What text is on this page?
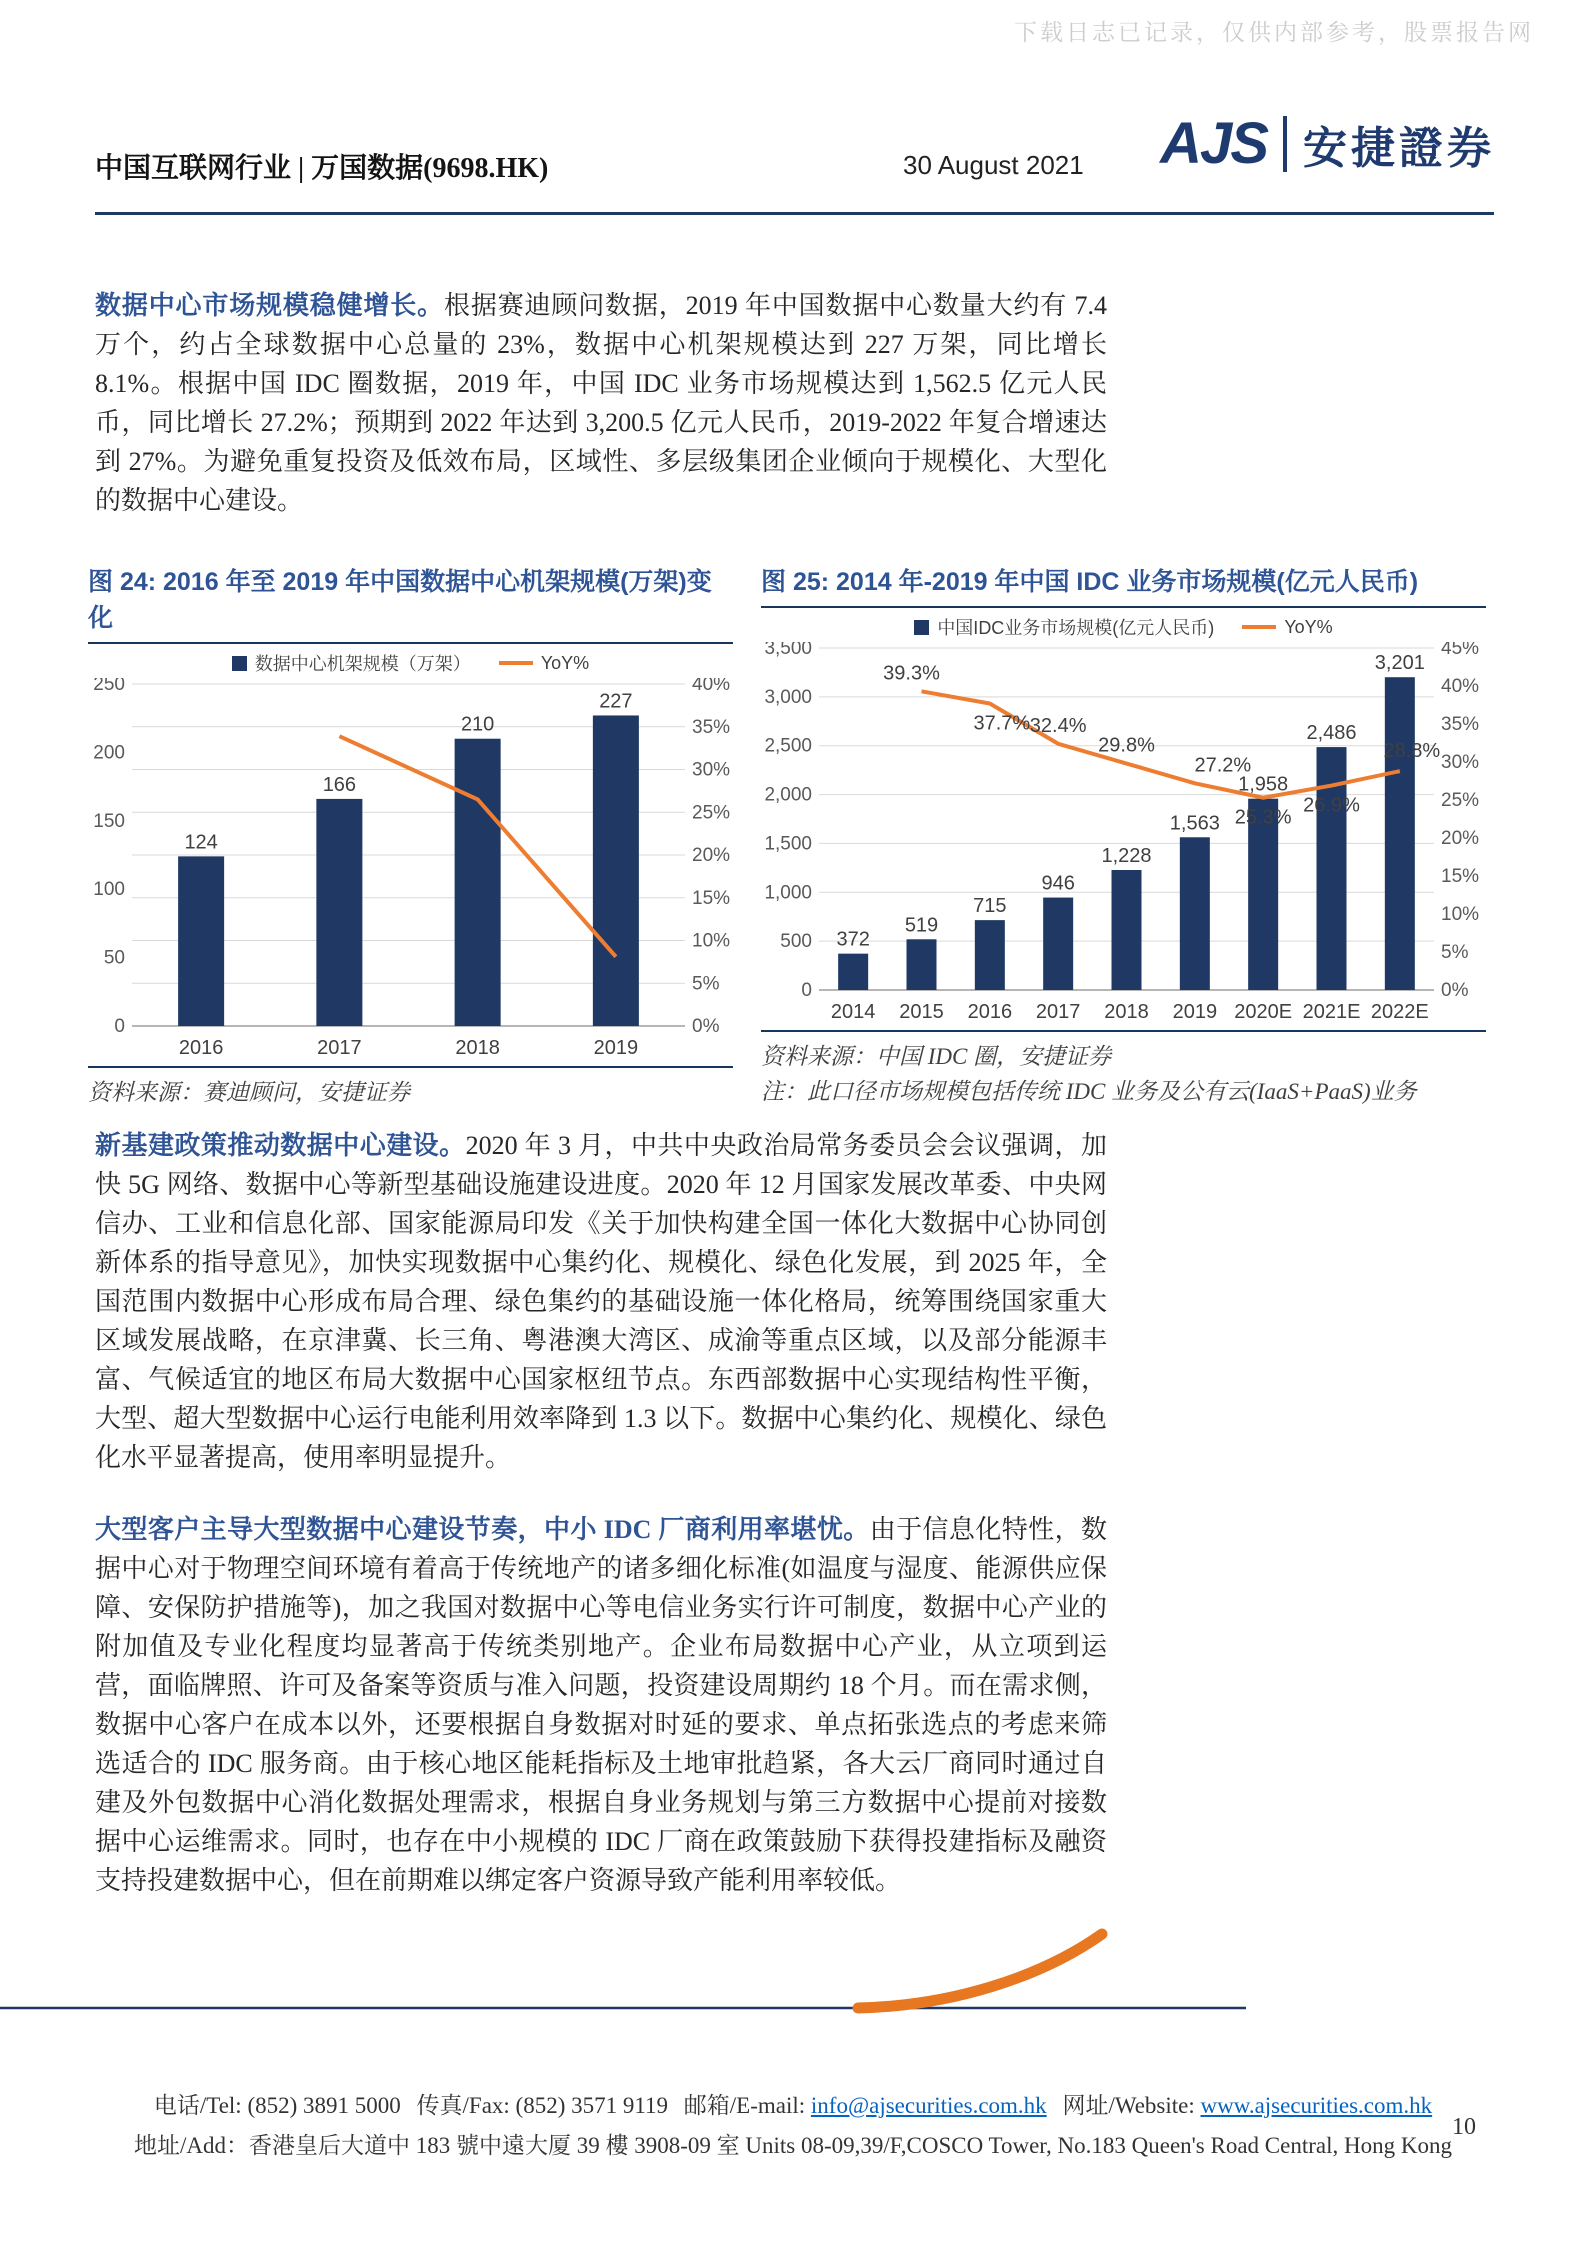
下载日志已记录，仅供内部参考，股票报告网
中国互联网行业 | 万国数据(9698.HK)	30 August 2021 AJS 安捷證券

数据中心市场规模稳健增长。根据赛迪顾问数据，2019 年中国数据中心数量大约有 7.4 万个，约占全球数据中心总量的 23%，数据中心机架规模达到 227 万架，同比增长 8.1%。根据中国 IDC 圈数据，2019 年，中国 IDC 业务市场规模达到 1,562.5 亿元人民币，同比增长 27.2%；预期到 2022 年达到 3,200.5 亿元人民币，2019-2022 年复合增速达到 27%。为避免重复投资及低效布局，区域性、多层级集团企业倾向于规模化、大型化的数据中心建设。

图 24: 2016 年至 2019 年中国数据中心机架规模(万架)变化
数据中心机架规模（万架）	YoY%
0
50
100
150
200
250
0%
5%
10%
15%
20%
25%
30%
35%
40%
2016	2017	2018	2019
124
166
210
227
资料来源：赛迪顾问，安捷证券
图 25: 2014 年-2019 年中国 IDC 业务市场规模(亿元人民币)
中国IDC业务市场规模(亿元人民币)	YoY%
0
500
1,000
1,500
2,000
2,500
3,000
3,500
0%
5%
10%
15%
20%
25%
30%
35%
40%
45%
2014 2015 2016 2017 2018 2019 2020E 2021E 2022E
372
519
715
946
1,228
1,563
1,958
2,486
3,201
39.3%
37.7% 32.4%
29.8%
27.2%
25.3%
26.9%
28.8%
资料来源：中国 IDC 圈，安捷证券
注：此口径市场规模包括传统 IDC 业务及公有云(IaaS+PaaS)业务

新基建政策推动数据中心建设。2020 年 3 月，中共中央政治局常务委员会会议强调，加快 5G 网络、数据中心等新型基础设施建设进度。2020 年 12 月国家发展改革委、中央网信办、工业和信息化部、国家能源局印发《关于加快构建全国一体化大数据中心协同创新体系的指导意见》，加快实现数据中心集约化、规模化、绿色化发展，到 2025 年，全国范围内数据中心形成布局合理、绿色集约的基础设施一体化格局，统筹围绕国家重大区域发展战略，在京津冀、长三角、粤港澳大湾区、成渝等重点区域，以及部分能源丰富、气候适宜的地区布局大数据中心国家枢纽节点。东西部数据中心实现结构性平衡，大型、超大型数据中心运行电能利用效率降到 1.3 以下。数据中心集约化、规模化、绿色化水平显著提高，使用率明显提升。

大型客户主导大型数据中心建设节奏，中小 IDC 厂商利用率堪忧。由于信息化特性，数据中心对于物理空间环境有着高于传统地产的诸多细化标准(如温度与湿度、能源供应保障、安保防护措施等)，加之我国对数据中心等电信业务实行许可制度，数据中心产业的附加值及专业化程度均显著高于传统类别地产。企业布局数据中心产业，从立项到运营，面临牌照、许可及备案等资质与准入问题，投资建设周期约 18 个月。而在需求侧，数据中心客户在成本以外，还要根据自身数据对时延的要求、单点拓张选点的考虑来筛选适合的 IDC 服务商。由于核心地区能耗指标及土地审批趋紧，各大云厂商同时通过自建及外包数据中心消化数据处理需求，根据自身业务规划与第三方数据中心提前对接数据中心运维需求。同时，也存在中小规模的 IDC 厂商在政策鼓励下获得投建指标及融资支持投建数据中心，但在前期难以绑定客户资源导致产能利用率较低。

电话/Tel: (852) 3891 5000 传真/Fax: (852) 3571 9119 邮箱/E-mail: info@ajsecurities.com.hk 网址/Website: www.ajsecurities.com.hk
地址/Add：香港皇后大道中 183 號中遠大厦 39 樓 3908-09 室 Units 08-09,39/F,COSCO Tower, No.183 Queen's Road Central, Hong Kong
10
